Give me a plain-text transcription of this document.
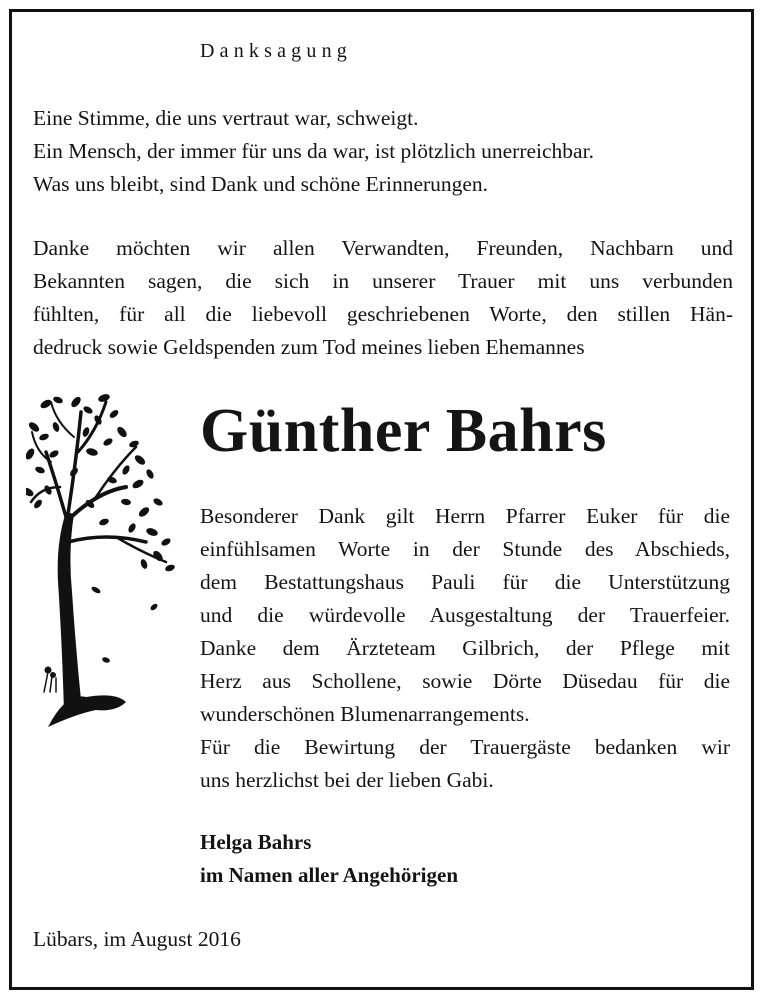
Danksagung

Eine Stimme, die uns vertraut war, schweigt.
Ein Mensch, der immer für uns da war, ist plötzlich unerreichbar.
Was uns bleibt, sind Dank und schöne Erinnerungen.

Danke möchten wir allen Verwandten, Freunden, Nachbarn und
Bekannten sagen, die sich in unserer Trauer mit uns verbunden
fühlten, für all die liebevoll geschriebenen Worte, den stillen Hän-
dedruck sowie Geldspenden zum Tod meines lieben Ehemannes

Günther Bahrs

Besonderer Dank gilt Herrn Pfarrer Euker für die
einfühlsamen Worte in der Stunde des Abschieds,
dem Bestattungshaus Pauli für die Unterstützung
und die würdevolle Ausgestaltung der Trauerfeier.
Danke dem Ärzteteam Gilbrich, der Pflege mit
Herz aus Schollene, sowie Dörte Düsedau für die
wunderschönen Blumenarrangements.
Für die Bewirtung der Trauergäste bedanken wir
uns herzlichst bei der lieben Gabi.

Helga Bahrs
im Namen aller Angehörigen
Lübars, im August 2016
